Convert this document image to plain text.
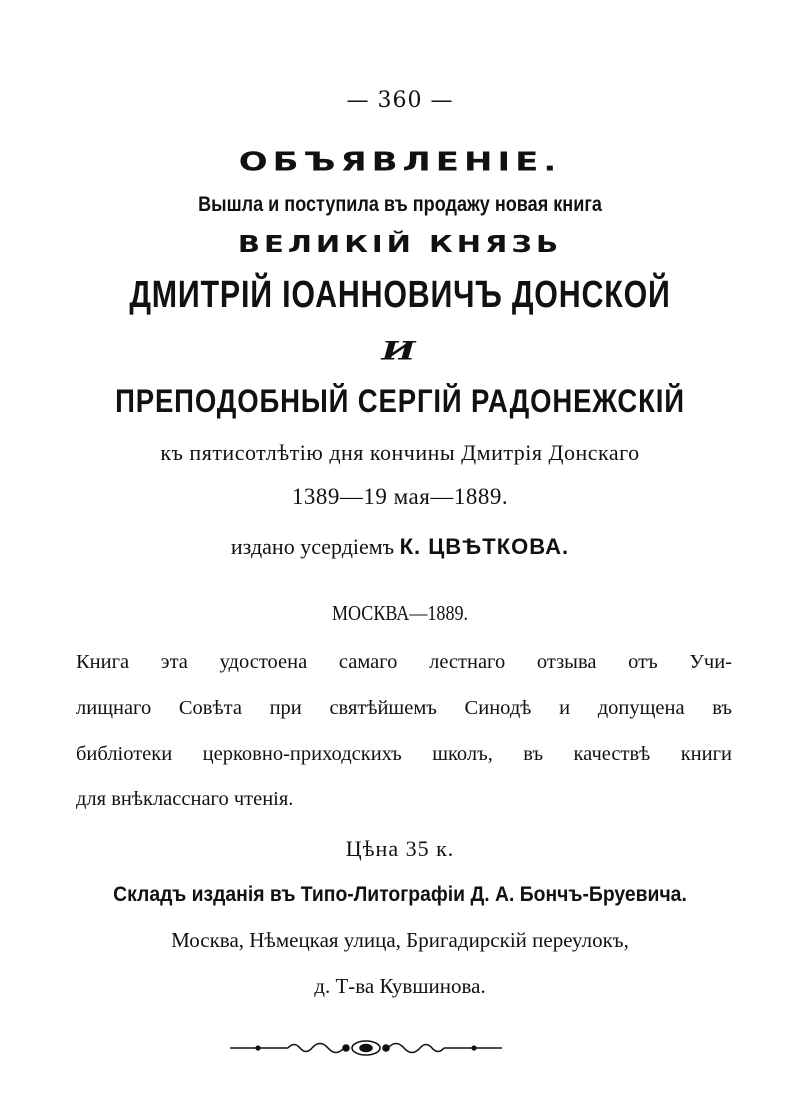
— 360 —
ОБЪЯВЛЕНІЕ.
Вышла и поступила въ продажу новая книга
ВЕЛИКІЙ КНЯЗЬ
ДМИТРІЙ ІОАННОВИЧЪ ДОНСКОЙ
И
ПРЕПОДОБНЫЙ СЕРГІЙ РАДОНЕЖСКІЙ
къ пятисотлѣтію дня кончины Дмитрія Донскаго
1389—19 мая—1889.
издано усердіемъ К. ЦВѢТКОВА.
МОСКВА—1889.
Книга эта удостоена самаго лестнаго отзыва отъ Учи-
лищнаго Совѣта при святѣйшемъ Синодѣ и допущена въ
библіотеки церковно-приходскихъ школъ, въ качествѣ книги
для внѣкласснаго чтенія.
Цѣна 35 к.
Складъ изданія въ Типо-Литографіи Д. А. Бончъ-Бруевича.
Москва, Нѣмецкая улица, Бригадирскій переулокъ,
д. Т-ва Кувшинова.
